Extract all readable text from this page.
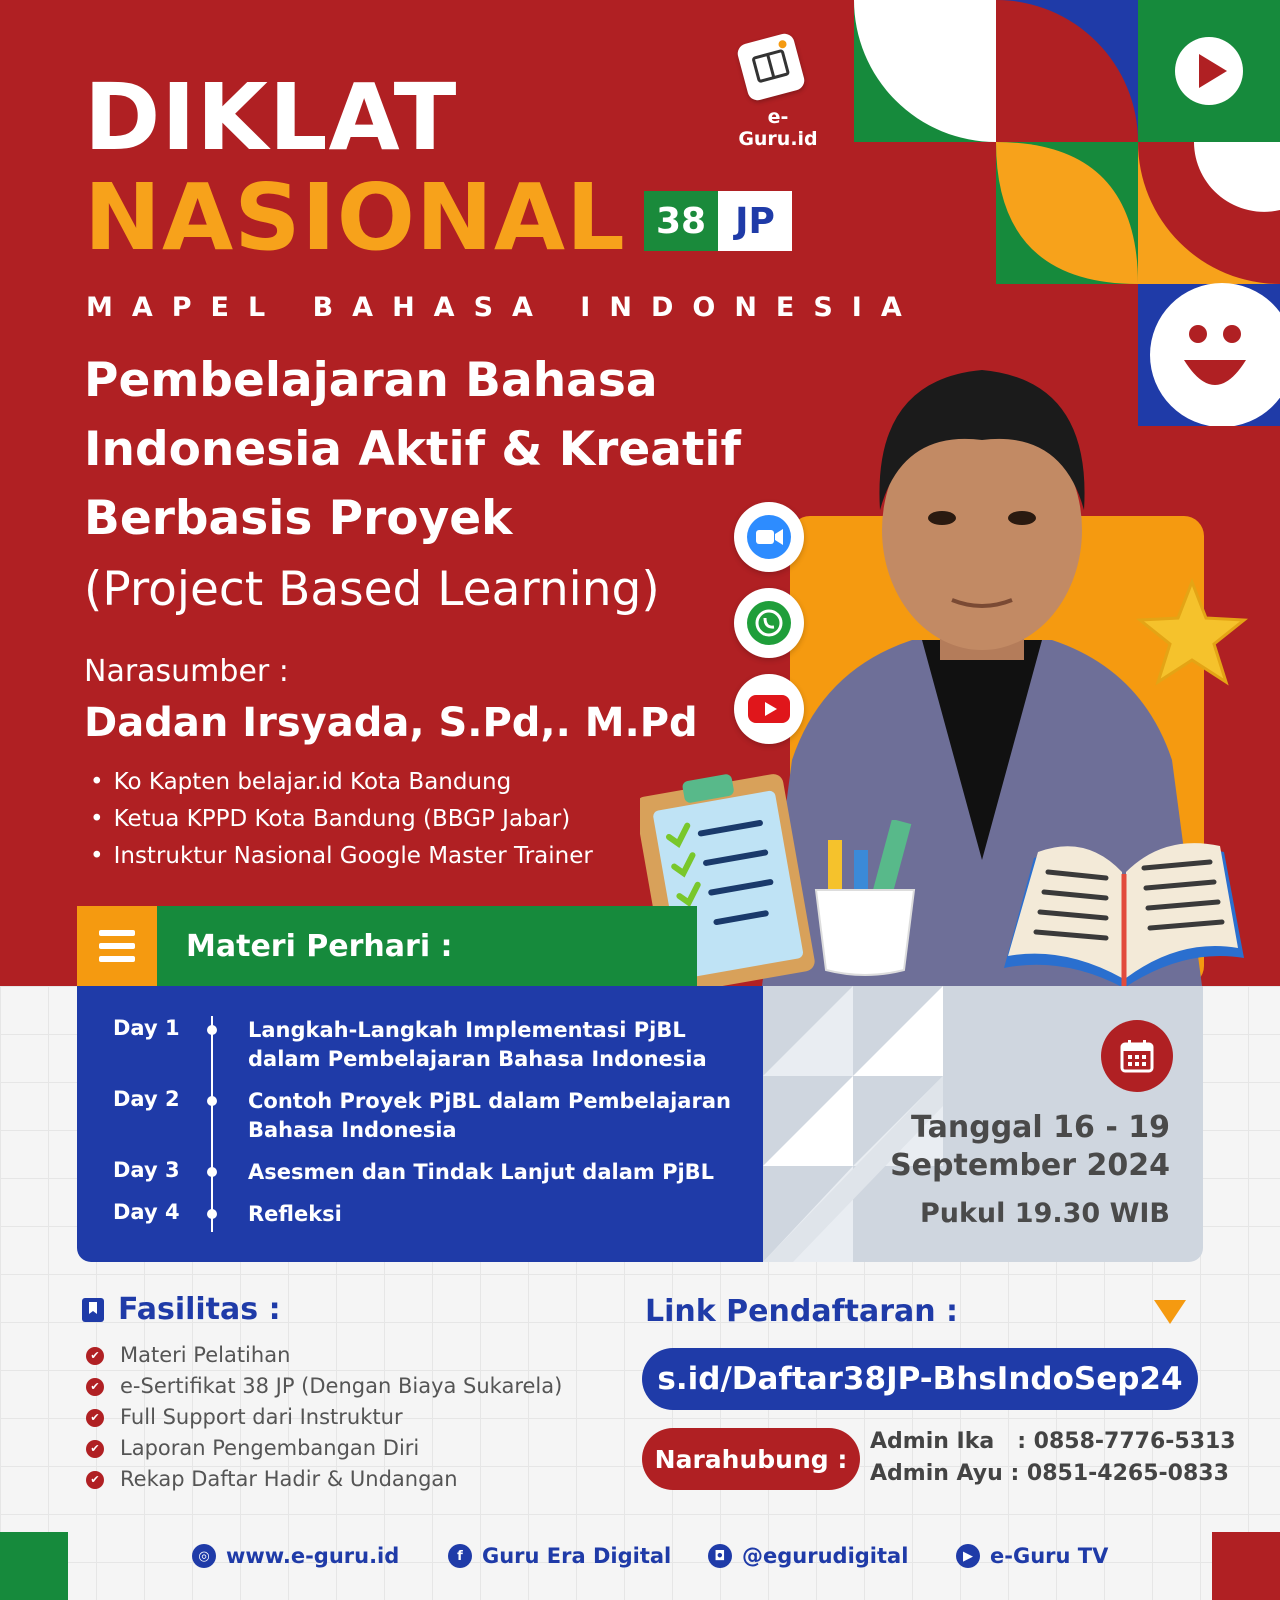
e-Guru.id
DIKLAT
NASIONAL 38 JP
MAPEL BAHASA INDONESIA
Pembelajaran Bahasa Indonesia Aktif & Kreatif Berbasis Proyek
(Project Based Learning)
Narasumber :
Dadan Irsyada, S.Pd,. M.Pd
• Ko Kapten belajar.id Kota Bandung
• Ketua KPPD Kota Bandung (BBGP Jabar)
• Instruktur Nasional Google Master Trainer
Materi Perhari :
Day 1	Langkah-Langkah Implementasi PjBL dalam Pembelajaran Bahasa Indonesia
Day 2	Contoh Proyek PjBL dalam Pembelajaran Bahasa Indonesia
Day 3	Asesmen dan Tindak Lanjut dalam PjBL
Day 4	Refleksi
Tanggal 16 - 19
September 2024
Pukul 19.30 WIB
Fasilitas :
✔ Materi Pelatihan
✔ e-Sertifikat 38 JP (Dengan Biaya Sukarela)
✔ Full Support dari Instruktur
✔ Laporan Pengembangan Diri
✔ Rekap Daftar Hadir & Undangan
Link Pendaftaran :
s.id/Daftar38JP-BhsIndoSep24
Narahubung :
Admin Ika   : 0858-7776-5313
Admin Ayu : 0851-4265-0833
◎ www.e-guru.id	f Guru Era Digital	◘ @egurudigital	▶ e-Guru TV
